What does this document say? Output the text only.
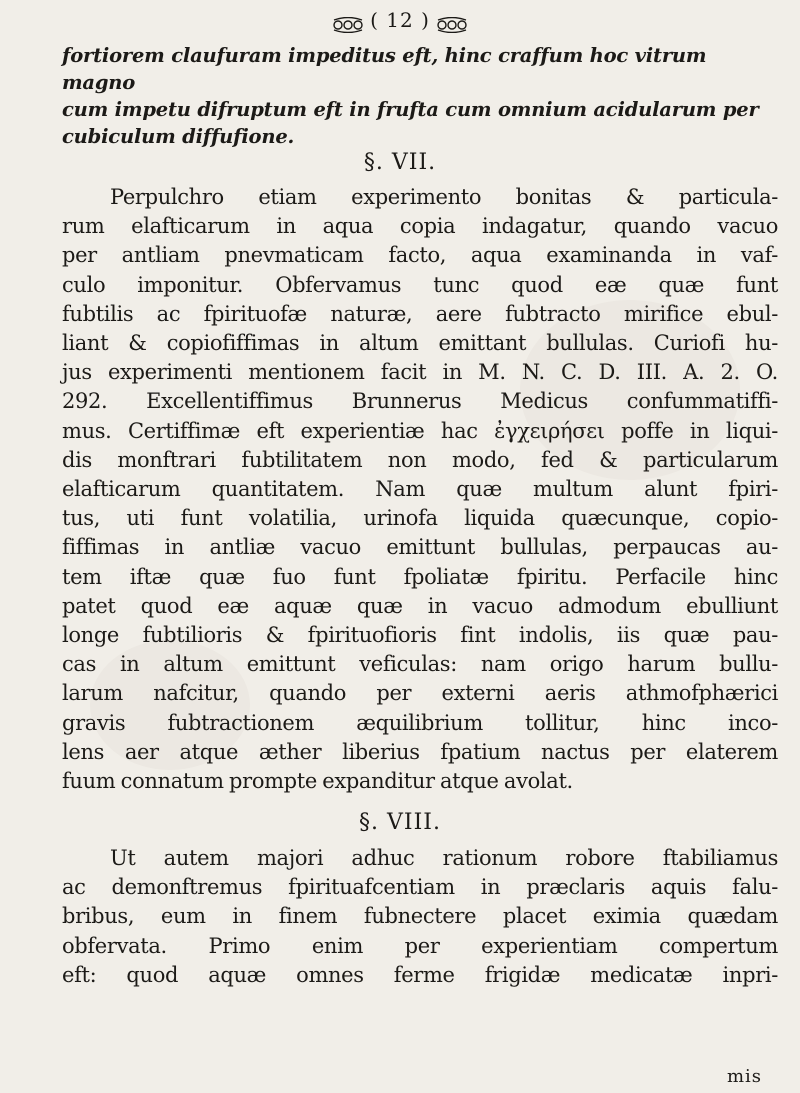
( 12 )
fortiorem claufuram impeditus eft, hinc craffum hoc vitrum magno
cum impetu difruptum eft in frufta cum omnium acidularum per
cubiculum diffufione.
§. VII.
Perpulchro etiam experimento bonitas & particula-
rum elafticarum in aqua copia indagatur, quando vacuo
per antliam pnevmaticam facto, aqua examinanda in vaf-
culo imponitur. Obfervamus tunc quod eæ quæ funt
fubtilis ac fpirituofæ naturæ, aere fubtracto mirifice ebul-
liant & copiofiffimas in altum emittant bullulas. Curiofi hu-
jus experimenti mentionem facit in M. N. C. D. III. A. 2. O.
292. Excellentiffimus Brunnerus Medicus confummatiffi-
mus. Certiffimæ eft experientiæ hac ἐγχειρήσει poffe in liqui-
dis monftrari fubtilitatem non modo, fed & particularum
elafticarum quantitatem. Nam quæ multum alunt fpiri-
tus, uti funt volatilia, urinofa liquida quæcunque, copio-
fiffimas in antliæ vacuo emittunt bullulas, perpaucas au-
tem iftæ quæ fuo funt fpoliatæ fpiritu. Perfacile hinc
patet quod eæ aquæ quæ in vacuo admodum ebulliunt
longe fubtilioris & fpirituofioris fint indolis, iis quæ pau-
cas in altum emittunt veficulas: nam origo harum bullu-
larum nafcitur, quando per externi aeris athmofphærici
gravis fubtractionem æquilibrium tollitur, hinc inco-
lens aer atque æther liberius fpatium nactus per elaterem
fuum connatum prompte expanditur atque avolat.
§. VIII.
Ut autem majori adhuc rationum robore ftabiliamus
ac demonftremus fpirituafcentiam in præclaris aquis falu-
bribus, eum in finem fubnectere placet eximia quædam
obfervata. Primo enim per experientiam compertum
eft: quod aquæ omnes ferme frigidæ medicatæ inpri-
mis
